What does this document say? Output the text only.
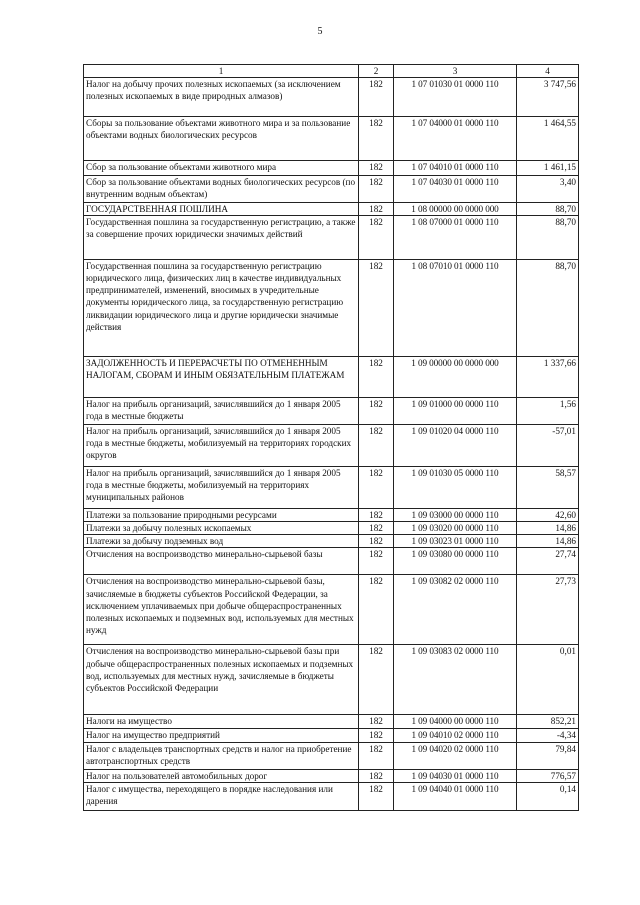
5
1	2	3	4
Налог на добычу прочих полезных ископаемых (за исключением полезных ископаемых в виде природных алмазов)	182	1 07 01030 01 0000 110	3 747,56
Сборы за пользование объектами животного мира и за пользование объектами водных биологических ресурсов	182	1 07 04000 01 0000 110	1 464,55
Сбор за пользование объектами животного мира	182	1 07 04010 01 0000 110	1 461,15
Сбор за пользование объектами водных биологических ресурсов (по внутренним водным объектам)	182	1 07 04030 01 0000 110	3,40
ГОСУДАРСТВЕННАЯ ПОШЛИНА	182	1 08 00000 00 0000 000	88,70
Государственная пошлина за государственную регистрацию, а также за совершение прочих юридически значимых действий	182	1 08 07000 01 0000 110	88,70
Государственная пошлина за государственную регистрацию юридического лица, физических лиц в качестве индивидуальных предпринимателей, изменений, вносимых в учредительные документы юридического лица, за государственную регистрацию ликвидации юридического лица и другие юридически значимые действия	182	1 08 07010 01 0000 110	88,70
ЗАДОЛЖЕННОСТЬ И ПЕРЕРАСЧЕТЫ ПО ОТМЕНЕННЫМ НАЛОГАМ, СБОРАМ И ИНЫМ ОБЯЗАТЕЛЬНЫМ ПЛАТЕЖАМ	182	1 09 00000 00 0000 000	1 337,66
Налог на прибыль организаций, зачислявшийся до 1 января 2005 года в местные бюджеты	182	1 09 01000 00 0000 110	1,56
Налог на прибыль организаций, зачислявшийся до 1 января 2005 года в местные бюджеты, мобилизуемый на территориях городских округов	182	1 09 01020 04 0000 110	-57,01
Налог на прибыль организаций, зачислявшийся до 1 января 2005 года в местные бюджеты, мобилизуемый на территориях муниципальных районов	182	1 09 01030 05 0000 110	58,57
Платежи за пользование природными ресурсами	182	1 09 03000 00 0000 110	42,60
Платежи за добычу полезных ископаемых	182	1 09 03020 00 0000 110	14,86
Платежи за добычу подземных вод	182	1 09 03023 01 0000 110	14,86
Отчисления на воспроизводство минерально-сырьевой базы	182	1 09 03080 00 0000 110	27,74
Отчисления на воспроизводство минерально-сырьевой базы, зачисляемые в бюджеты субъектов Российской Федерации, за исключением уплачиваемых при добыче общераспространенных полезных ископаемых и подземных вод, используемых для местных нужд	182	1 09 03082 02 0000 110	27,73
Отчисления на воспроизводство минерально-сырьевой базы при добыче общераспространенных полезных ископаемых и подземных вод, используемых для местных нужд, зачисляемые в бюджеты субъектов Российской Федерации	182	1 09 03083 02 0000 110	0,01
Налоги на имущество	182	1 09 04000 00 0000 110	852,21
Налог на имущество предприятий	182	1 09 04010 02 0000 110	-4,34
Налог с владельцев транспортных средств и налог на приобретение автотранспортных средств	182	1 09 04020 02 0000 110	79,84
Налог на пользователей автомобильных дорог	182	1 09 04030 01 0000 110	776,57
Налог с имущества, переходящего в порядке наследования или дарения	182	1 09 04040 01 0000 110	0,14
